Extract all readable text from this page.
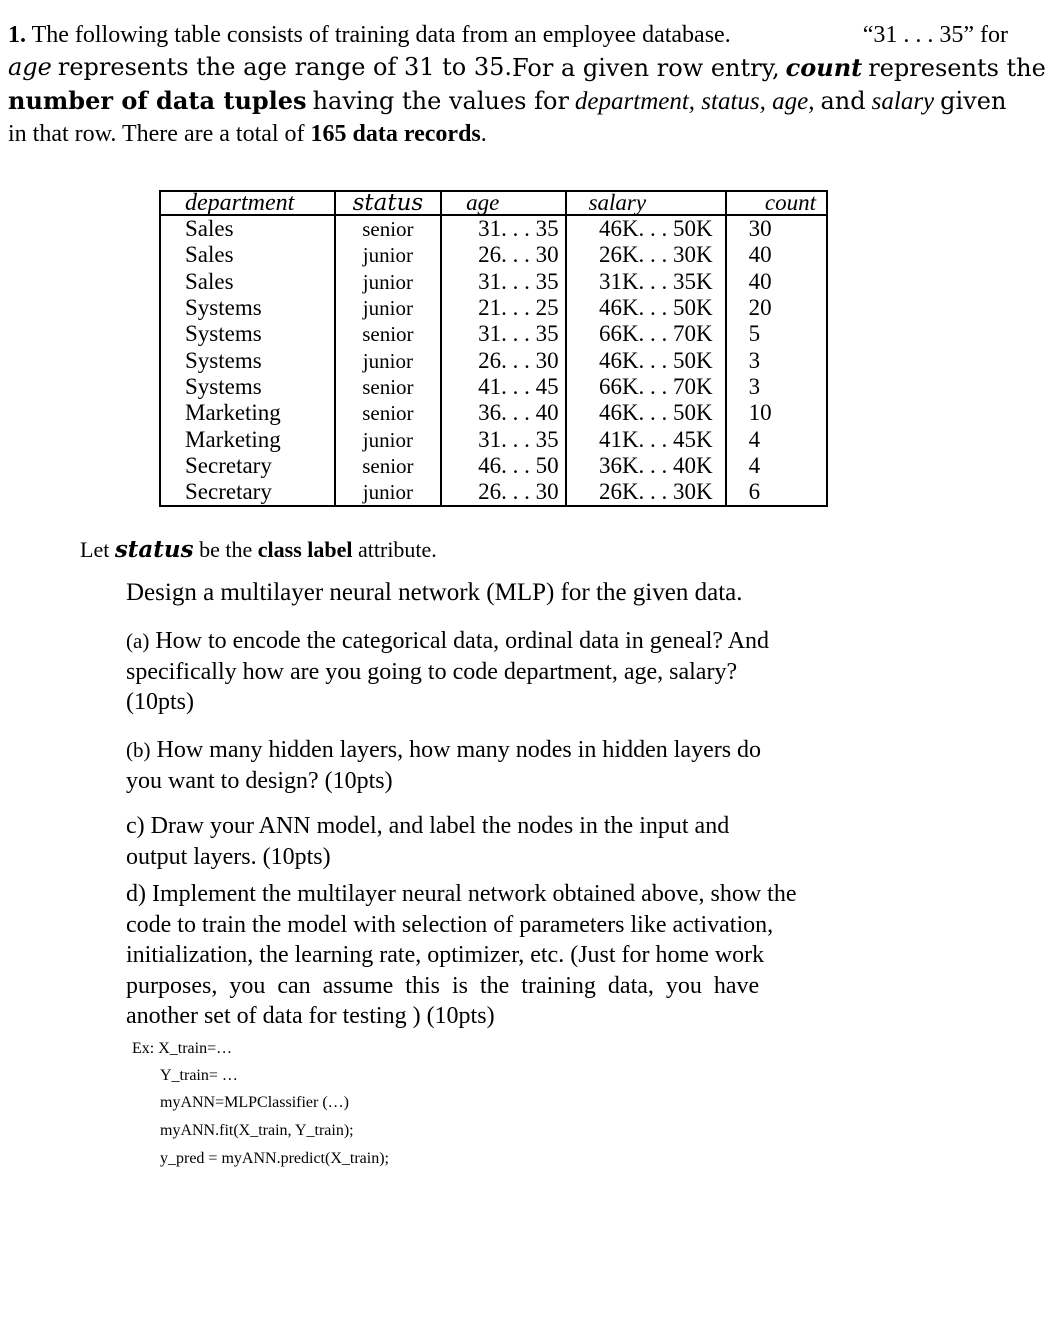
1. The following table consists of training data from an employee database.	“31 . . . 35” for
age represents the age range of 31 to 35. For a given row entry, count represents the
number of data tuples having the values for department, status, age, and salary given
in that row. There are a total of 165 data records.
department	status	age	salary	count
Sales	senior	31. . . 35	46K. . . 50K	30
Sales	junior	26. . . 30	26K. . . 30K	40
Sales	junior	31. . . 35	31K. . . 35K	40
Systems	junior	21. . . 25	46K. . . 50K	20
Systems	senior	31. . . 35	66K. . . 70K	5
Systems	junior	26. . . 30	46K. . . 50K	3
Systems	senior	41. . . 45	66K. . . 70K	3
Marketing	senior	36. . . 40	46K. . . 50K	10
Marketing	junior	31. . . 35	41K. . . 45K	4
Secretary	senior	46. . . 50	36K. . . 40K	4
Secretary	junior	26. . . 30	26K. . . 30K	6
Let status be the class label attribute.
Design a multilayer neural network (MLP) for the given data.
(a) How to encode the categorical data, ordinal data in geneal? And
specifically how are you going to code department, age, salary?
(10pts)
(b) How many hidden layers, how many nodes in hidden layers do
you want to design? (10pts)
c) Draw your ANN model, and label the nodes in the input and
output layers. (10pts)
d) Implement the multilayer neural network obtained above, show the
code to train the model with selection of parameters like activation,
initialization, the learning rate, optimizer, etc. (Just for home work
purposes, you can assume this is the training data, you have
another set of data for testing ) (10pts)
Ex: X_train=…
Y_train= …
myANN=MLPClassifier (…)
myANN.fit(X_train, Y_train);
y_pred = myANN.predict(X_train);
